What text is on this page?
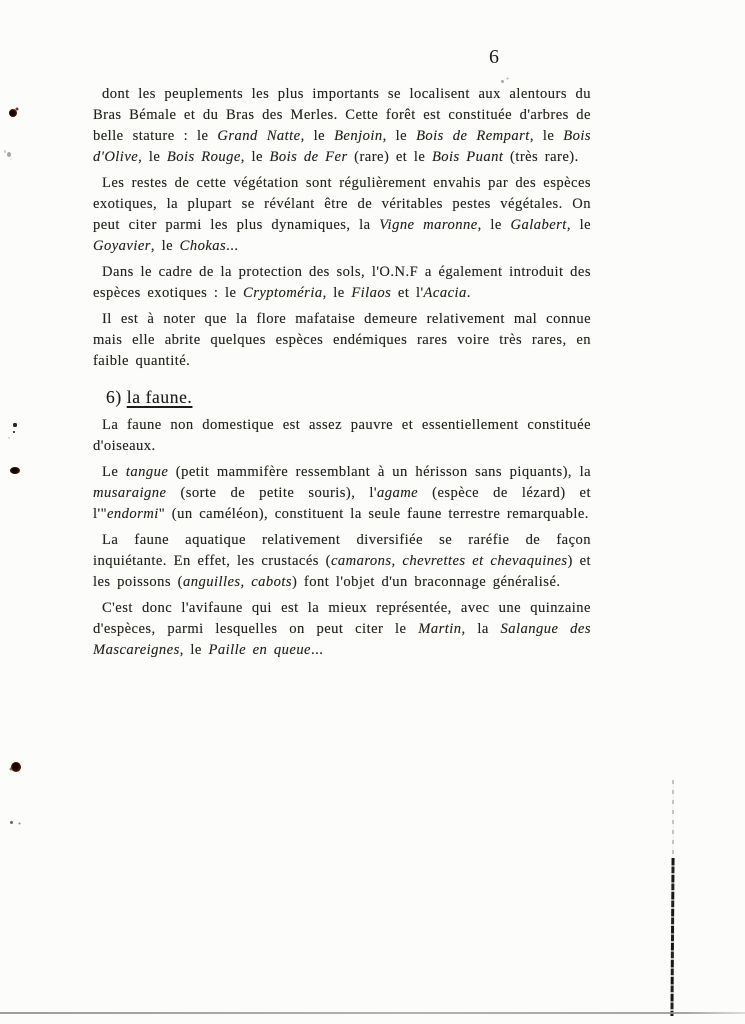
6

dont les peuplements les plus importants se localisent aux alentours du Bras Bémale et du Bras des Merles. Cette forêt est constituée d'arbres de belle stature : le Grand Natte, le Benjoin, le Bois de Rempart, le Bois d'Olive, le Bois Rouge, le Bois de Fer (rare) et le Bois Puant (très rare).

Les restes de cette végétation sont régulièrement envahis par des espèces exotiques, la plupart se révélant être de véritables pestes végétales. On peut citer parmi les plus dynamiques, la Vigne maronne, le Galabert, le Goyavier, le Chokas...

Dans le cadre de la protection des sols, l'O.N.F a également introduit des espèces exotiques : le Cryptoméria, le Filaos et l'Acacia.

Il est à noter que la flore mafataise demeure relativement mal connue mais elle abrite quelques espèces endémiques rares voire très rares, en faible quantité.

6) la faune.

La faune non domestique est assez pauvre et essentiellement constituée d'oiseaux.

Le tangue (petit mammifère ressemblant à un hérisson sans piquants), la musaraigne (sorte de petite souris), l'agame (espèce de lézard) et l'"endormi" (un caméléon), constituent la seule faune terrestre remarquable.

La faune aquatique relativement diversifiée se raréfie de façon inquiétante. En effet, les crustacés (camarons, chevrettes et chevaquines) et les poissons (anguilles, cabots) font l'objet d'un braconnage généralisé.

C'est donc l'avifaune qui est la mieux représentée, avec une quinzaine d'espèces, parmi lesquelles on peut citer le Martin, la Salangue des Mascareignes, le Paille en queue...
